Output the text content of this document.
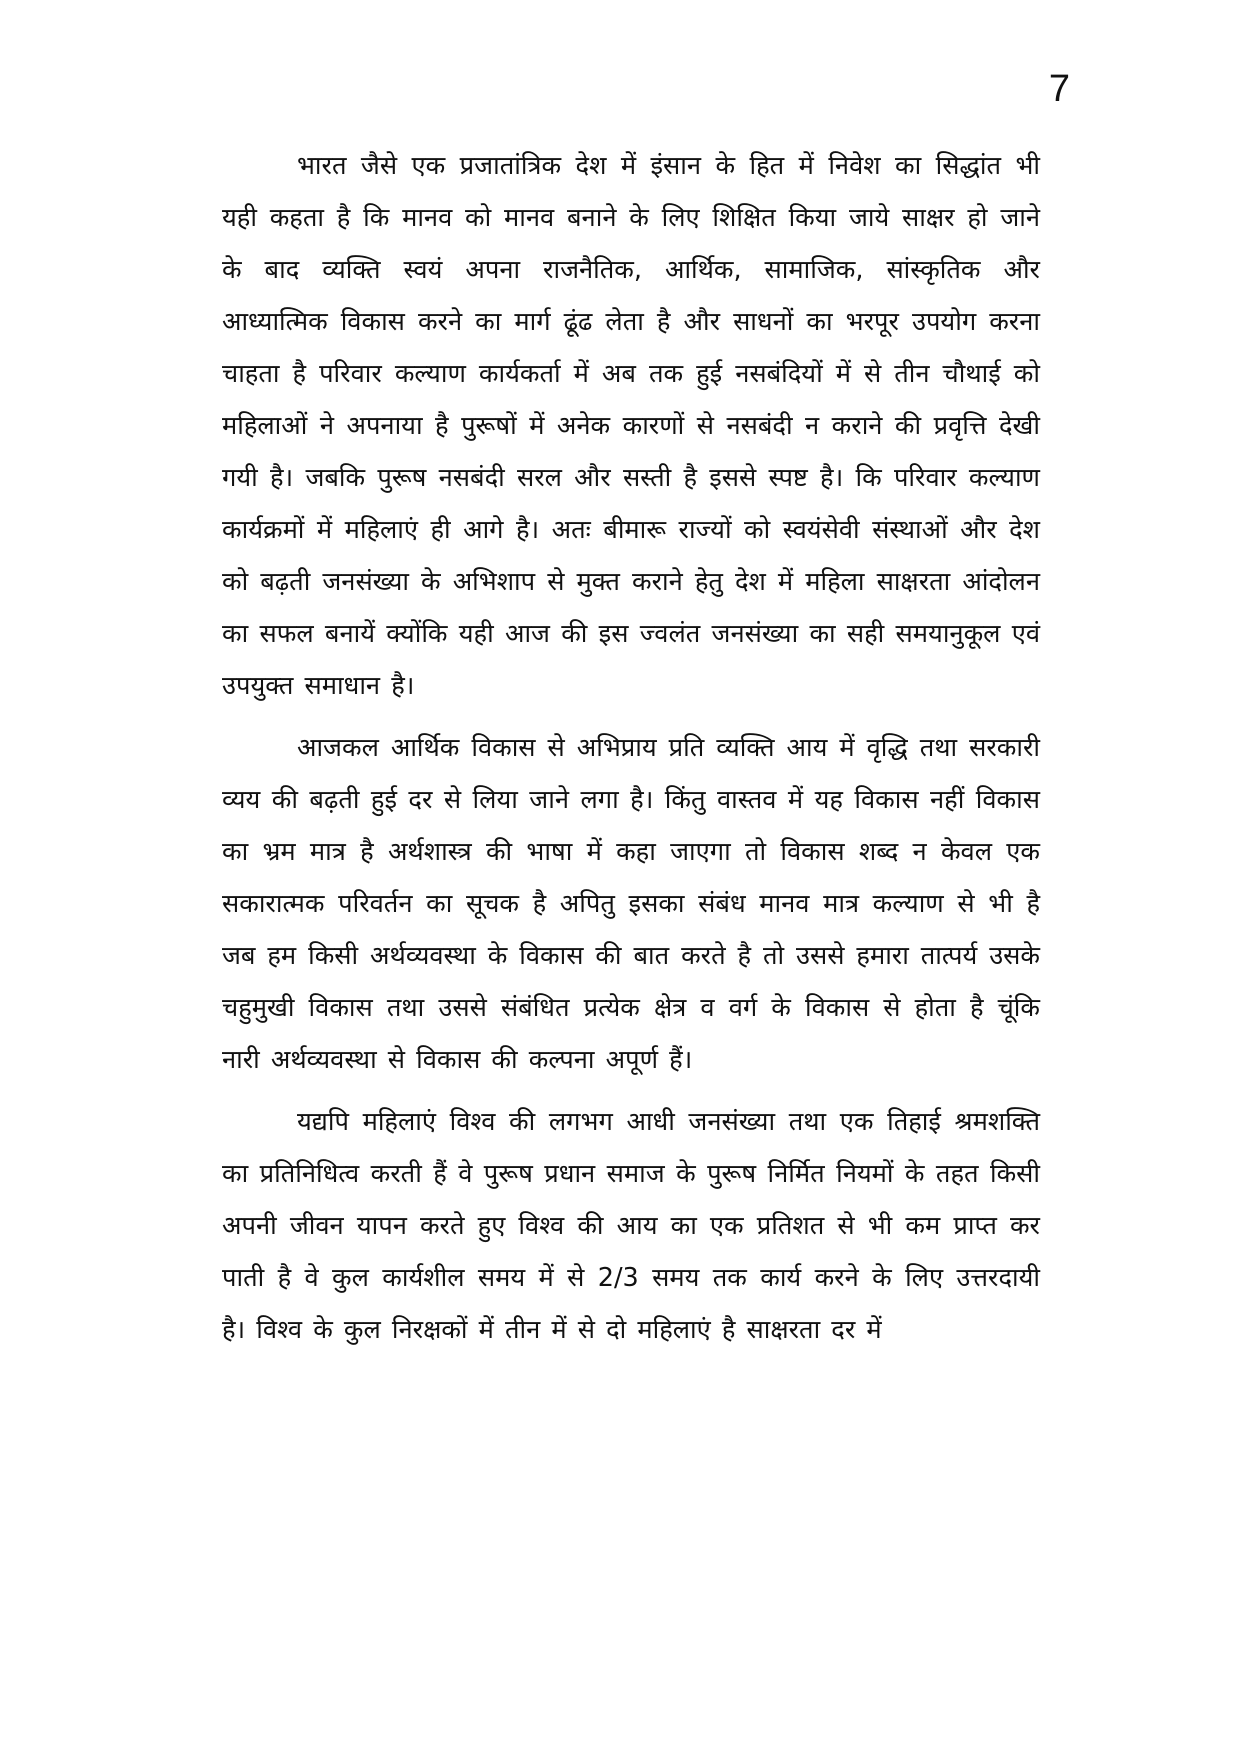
7

भारत जैसे एक प्रजातांत्रिक देश में इंसान के हित में निवेश का सिद्धांत भी यही कहता है कि मानव को मानव बनाने के लिए शिक्षित किया जाये साक्षर हो जाने के बाद व्यक्ति स्वयं अपना राजनैतिक, आर्थिक, सामाजिक, सांस्कृतिक और आध्यात्मिक विकास करने का मार्ग ढूंढ लेता है और साधनों का भरपूर उपयोग करना चाहता है परिवार कल्याण कार्यकर्ता में अब तक हुई नसबंदियों में से तीन चौथाई को महिलाओं ने अपनाया है पुरूषों में अनेक कारणों से नसबंदी न कराने की प्रवृत्ति देखी गयी है। जबकि पुरूष नसबंदी सरल और सस्ती है इससे स्पष्ट है। कि परिवार कल्याण कार्यक्रमों में महिलाएं ही आगे है। अतः बीमारू राज्यों को स्वयंसेवी संस्थाओं और देश को बढ़ती जनसंख्या के अभिशाप से मुक्त कराने हेतु देश में महिला साक्षरता आंदोलन का सफल बनायें क्योंकि यही आज की इस ज्वलंत जनसंख्या का सही समयानुकूल एवं उपयुक्त समाधान है।

आजकल आर्थिक विकास से अभिप्राय प्रति व्यक्ति आय में वृद्धि तथा सरकारी व्यय की बढ़ती हुई दर से लिया जाने लगा है। किंतु वास्तव में यह विकास नहीं विकास का भ्रम मात्र है अर्थशास्त्र की भाषा में कहा जाएगा तो विकास शब्द न केवल एक सकारात्मक परिवर्तन का सूचक है अपितु इसका संबंध मानव मात्र कल्याण से भी है जब हम किसी अर्थव्यवस्था के विकास की बात करते है तो उससे हमारा तात्पर्य उसके चहुमुखी विकास तथा उससे संबंधित प्रत्येक क्षेत्र व वर्ग के विकास से होता है चूंकि नारी अर्थव्यवस्था से विकास की कल्पना अपूर्ण हैं।

यद्यपि महिलाएं विश्व की लगभग आधी जनसंख्या तथा एक तिहाई श्रमशक्ति का प्रतिनिधित्व करती हैं वे पुरूष प्रधान समाज के पुरूष निर्मित नियमों के तहत किसी अपनी जीवन यापन करते हुए विश्व की आय का एक प्रतिशत से भी कम प्राप्त कर पाती है वे कुल कार्यशील समय में से 2/3 समय तक कार्य करने के लिए उत्तरदायी है। विश्व के कुल निरक्षकों में तीन में से दो महिलाएं है साक्षरता दर में
